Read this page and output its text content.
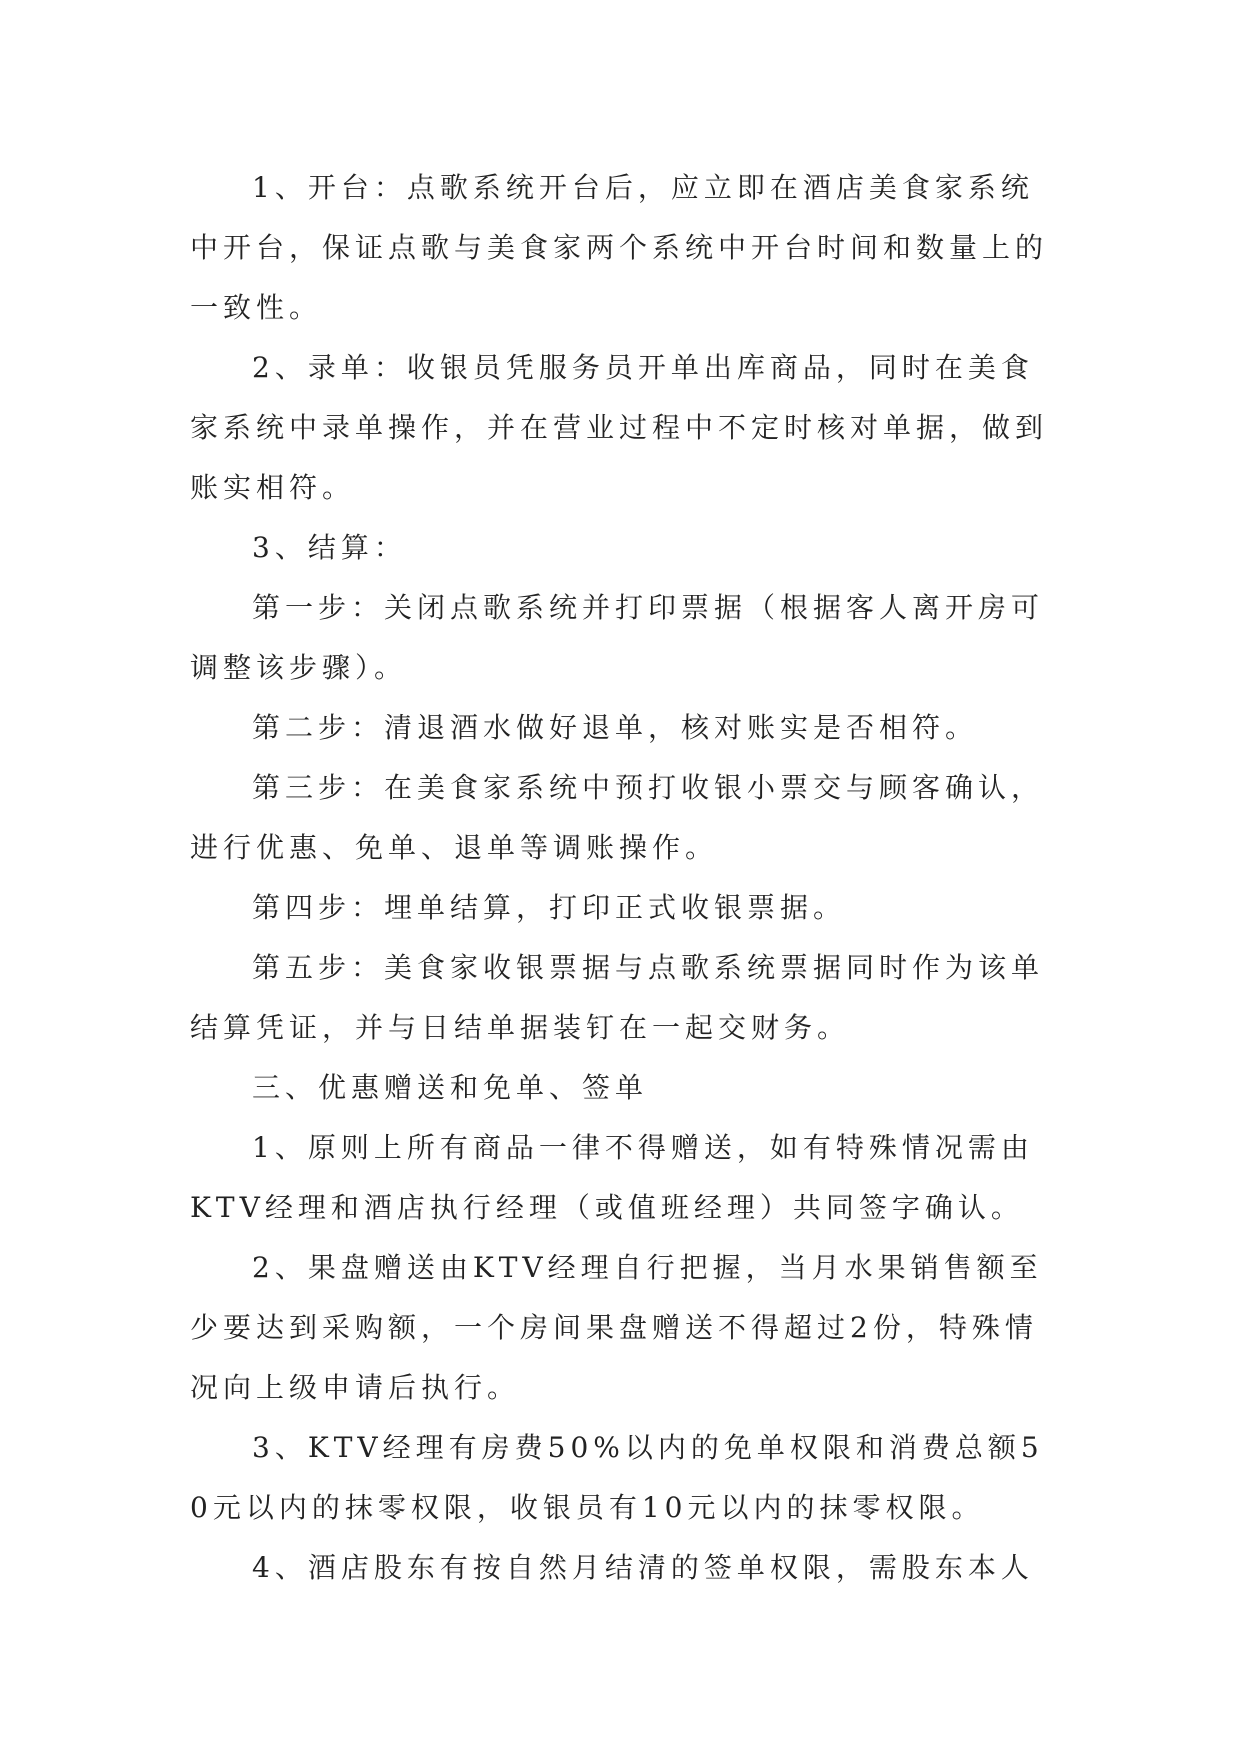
1、开台：点歌系统开台后，应立即在酒店美食家系统中开台，保证点歌与美食家两个系统中开台时间和数量上的一致性。

2、录单：收银员凭服务员开单出库商品，同时在美食家系统中录单操作，并在营业过程中不定时核对单据，做到账实相符。

3、结算：

第一步：关闭点歌系统并打印票据（根据客人离开房可调整该步骤）。

第二步：清退酒水做好退单，核对账实是否相符。

第三步：在美食家系统中预打收银小票交与顾客确认，进行优惠、免单、退单等调账操作。

第四步：埋单结算，打印正式收银票据。

第五步：美食家收银票据与点歌系统票据同时作为该单结算凭证，并与日结单据装钉在一起交财务。

三、优惠赠送和免单、签单

1、原则上所有商品一律不得赠送，如有特殊情况需由KTV经理和酒店执行经理（或值班经理）共同签字确认。

2、果盘赠送由KTV经理自行把握，当月水果销售额至少要达到采购额，一个房间果盘赠送不得超过2份，特殊情况向上级申请后执行。

3、KTV经理有房费50%以内的免单权限和消费总额50元以内的抹零权限，收银员有10元以内的抹零权限。

4、酒店股东有按自然月结清的签单权限，需股东本人
